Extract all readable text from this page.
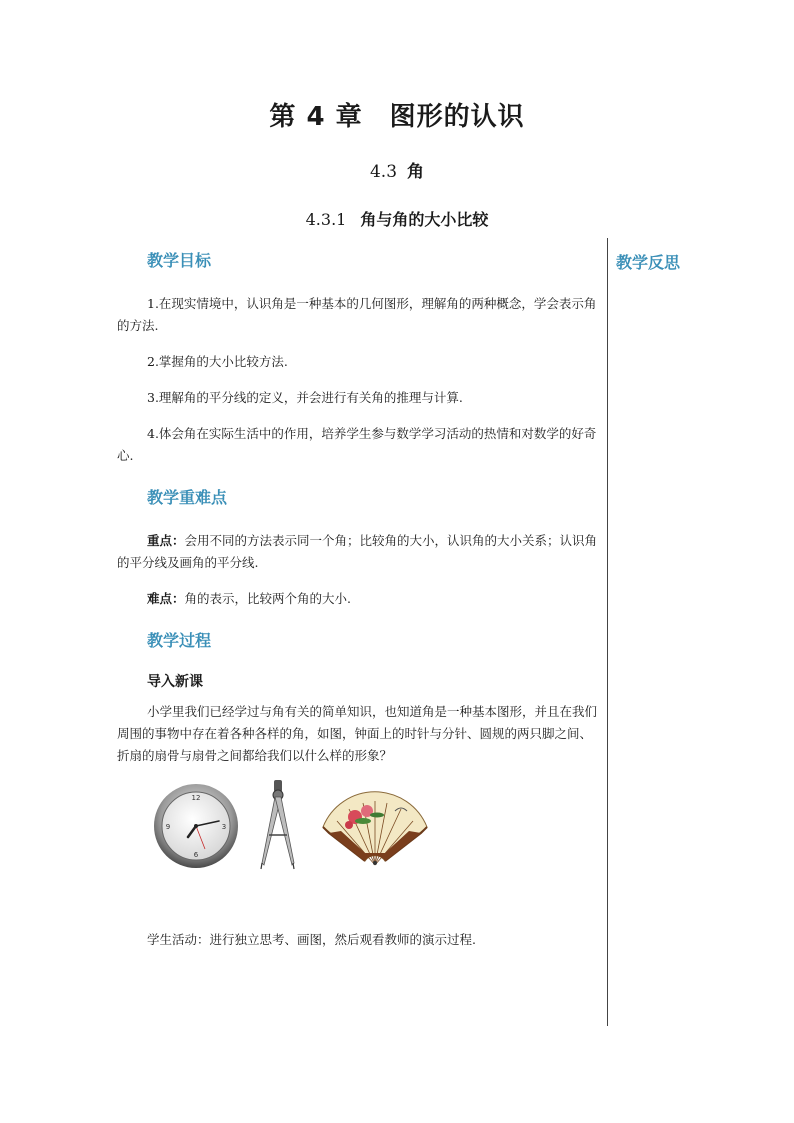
第 4 章　图形的认识
4.3 角
4.3.1 角与角的大小比较
教学反思
教学目标

1.在现实情境中，认识角是一种基本的几何图形，理解角的两种概念，学会表示角的方法.

2.掌握角的大小比较方法.

3.理解角的平分线的定义，并会进行有关角的推理与计算.

4.体会角在实际生活中的作用，培养学生参与数学学习活动的热情和对数学的好奇心.

教学重难点

重点：会用不同的方法表示同一个角；比较角的大小，认识角的大小关系；认识角的平分线及画角的平分线.

难点：角的表示，比较两个角的大小.

教学过程
导入新课

小学里我们已经学过与角有关的简单知识，也知道角是一种基本图形，并且在我们周围的事物中存在着各种各样的角，如图，钟面上的时针与分针、圆规的两只脚之间、折扇的扇骨与扇骨之间都给我们以什么样的形象？

12
3
6
9

学生活动：进行独立思考、画图，然后观看教师的演示过程.
